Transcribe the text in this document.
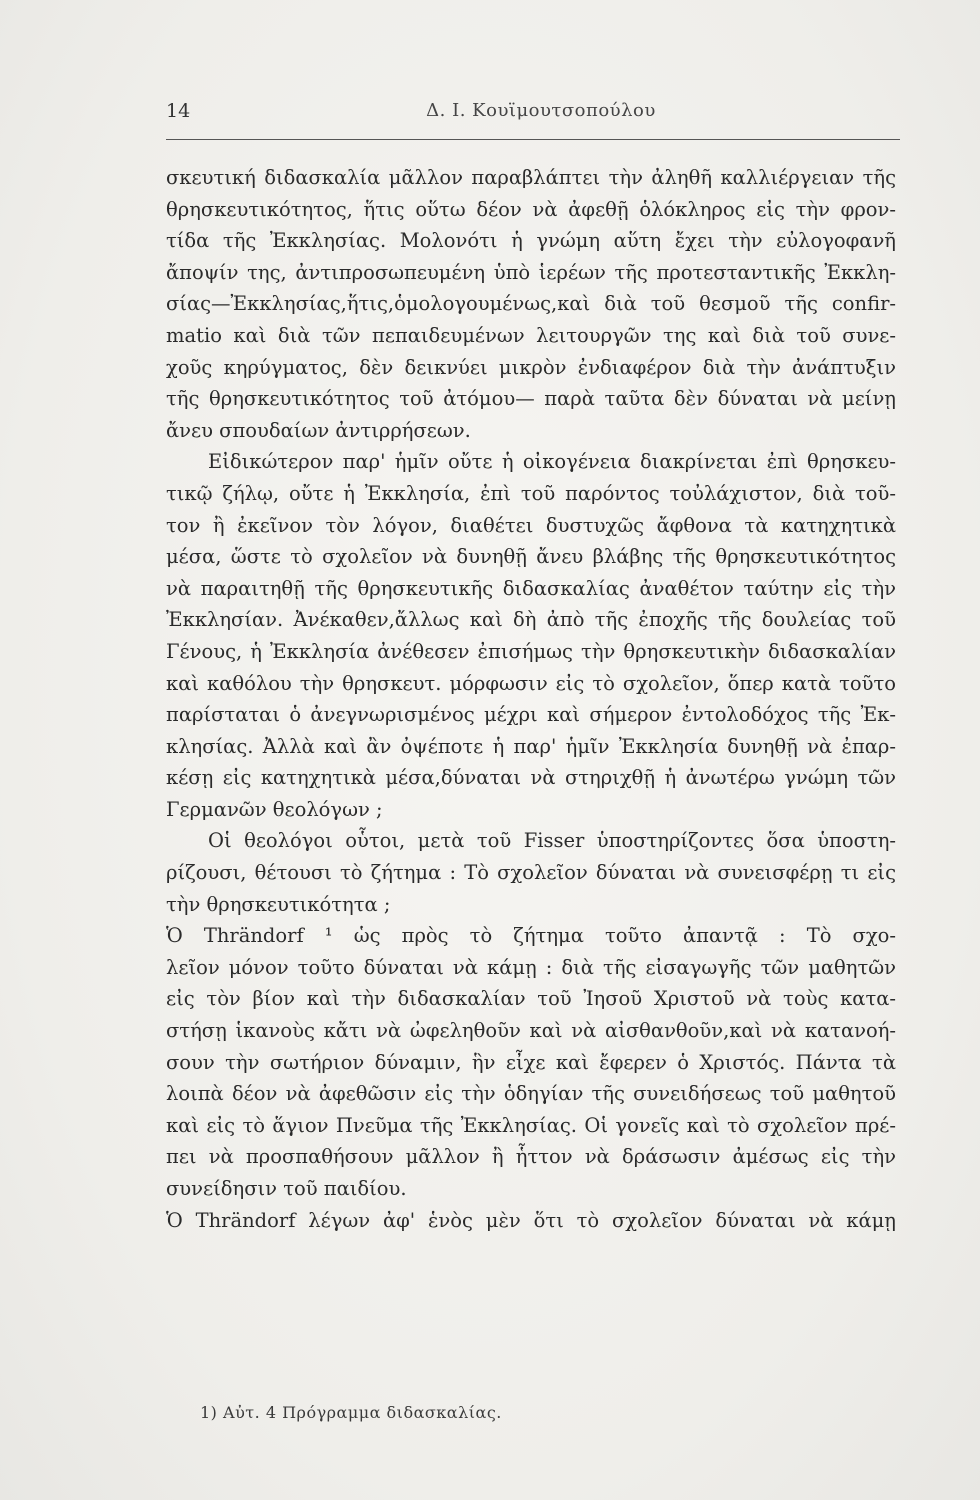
14	Δ. Ι. Κουϊμουτσοπούλου
σκευτική διδασκαλία μᾶλλον παραβλάπτει τὴν ἀληθῆ καλλιέργειαν τῆς
θρησκευτικότητος, ἥτις οὕτω δέον νὰ ἀφεθῇ ὁλόκληρος εἰς τὴν φρον-
τίδα τῆς Ἐκκλησίας. Μολονότι ἡ γνώμη αὕτη ἔχει τὴν εὐλογοφανῆ
ἄποψίν της, ἀντιπροσωπευμένη ὑπὸ ἱερέων τῆς προτεσταντικῆς Ἐκκλη-
σίας—Ἐκκλησίας,ἥτις,ὁμολογουμένως,καὶ διὰ τοῦ θεσμοῦ τῆς confir-
matio καὶ διὰ τῶν πεπαιδευμένων λειτουργῶν της καὶ διὰ τοῦ συνε-
χοῦς κηρύγματος, δὲν δεικνύει μικρὸν ἐνδιαφέρον διὰ τὴν ἀνάπτυξιν
τῆς θρησκευτικότητος τοῦ ἀτόμου— παρὰ ταῦτα δὲν δύναται νὰ μείνῃ
ἄνευ σπουδαίων ἀντιρρήσεων.
Εἰδικώτερον παρ' ἡμῖν οὔτε ἡ οἰκογένεια διακρίνεται ἐπὶ θρησκευ-
τικῷ ζήλῳ, οὔτε ἡ Ἐκκλησία, ἐπὶ τοῦ παρόντος τοὐλάχιστον, διὰ τοῦ-
τον ἢ ἐκεῖνον τὸν λόγον, διαθέτει δυστυχῶς ἄφθονα τὰ κατηχητικὰ
μέσα, ὥστε τὸ σχολεῖον νὰ δυνηθῇ ἄνευ βλάβης τῆς θρησκευτικότητος
νὰ παραιτηθῇ τῆς θρησκευτικῆς διδασκαλίας ἀναθέτον ταύτην εἰς τὴν
Ἐκκλησίαν. Ἀνέκαθεν,ἄλλως καὶ δὴ ἀπὸ τῆς ἐποχῆς τῆς δουλείας τοῦ
Γένους, ἡ Ἐκκλησία ἀνέθεσεν ἐπισήμως τὴν θρησκευτικὴν διδασκαλίαν
καὶ καθόλου τὴν θρησκευτ. μόρφωσιν εἰς τὸ σχολεῖον, ὅπερ κατὰ τοῦτο
παρίσταται ὁ ἀνεγνωρισμένος μέχρι καὶ σήμερον ἐντολοδόχος τῆς Ἐκ-
κλησίας. Ἀλλὰ καὶ ἂν ὀψέποτε ἡ παρ' ἡμῖν Ἐκκλησία δυνηθῇ νὰ ἐπαρ-
κέσῃ εἰς κατηχητικὰ μέσα,δύναται νὰ στηριχθῇ ἡ ἀνωτέρω γνώμη τῶν
Γερμανῶν θεολόγων ;
Οἱ θεολόγοι οὗτοι, μετὰ τοῦ Fisser ὑποστηρίζοντες ὅσα ὑποστη-
ρίζουσι, θέτουσι τὸ ζήτημα : Τὸ σχολεῖον δύναται νὰ συνεισφέρῃ τι εἰς
τὴν θρησκευτικότητα ;
Ὁ Thrändorf ¹ ὡς πρὸς τὸ ζήτημα τοῦτο ἀπαντᾷ : Τὸ σχο-
λεῖον μόνον τοῦτο δύναται νὰ κάμῃ : διὰ τῆς εἰσαγωγῆς τῶν μαθητῶν
εἰς τὸν βίον καὶ τὴν διδασκαλίαν τοῦ Ἰησοῦ Χριστοῦ νὰ τοὺς κατα-
στήσῃ ἱκανοὺς κἄτι νὰ ὠφεληθοῦν καὶ νὰ αἰσθανθοῦν,καὶ νὰ κατανοή-
σουν τὴν σωτήριον δύναμιν, ἣν εἶχε καὶ ἔφερεν ὁ Χριστός. Πάντα τὰ
λοιπὰ δέον νὰ ἀφεθῶσιν εἰς τὴν ὁδηγίαν τῆς συνειδήσεως τοῦ μαθητοῦ
καὶ εἰς τὸ ἅγιον Πνεῦμα τῆς Ἐκκλησίας. Οἱ γονεῖς καὶ τὸ σχολεῖον πρέ-
πει νὰ προσπαθήσουν μᾶλλον ἢ ἧττον νὰ δράσωσιν ἀμέσως εἰς τὴν
συνείδησιν τοῦ παιδίου.
Ὁ Thrändorf λέγων ἀφ' ἑνὸς μὲν ὅτι τὸ σχολεῖον δύναται νὰ κάμῃ
1) Αὐτ. 4 Πρόγραμμα διδασκαλίας.
